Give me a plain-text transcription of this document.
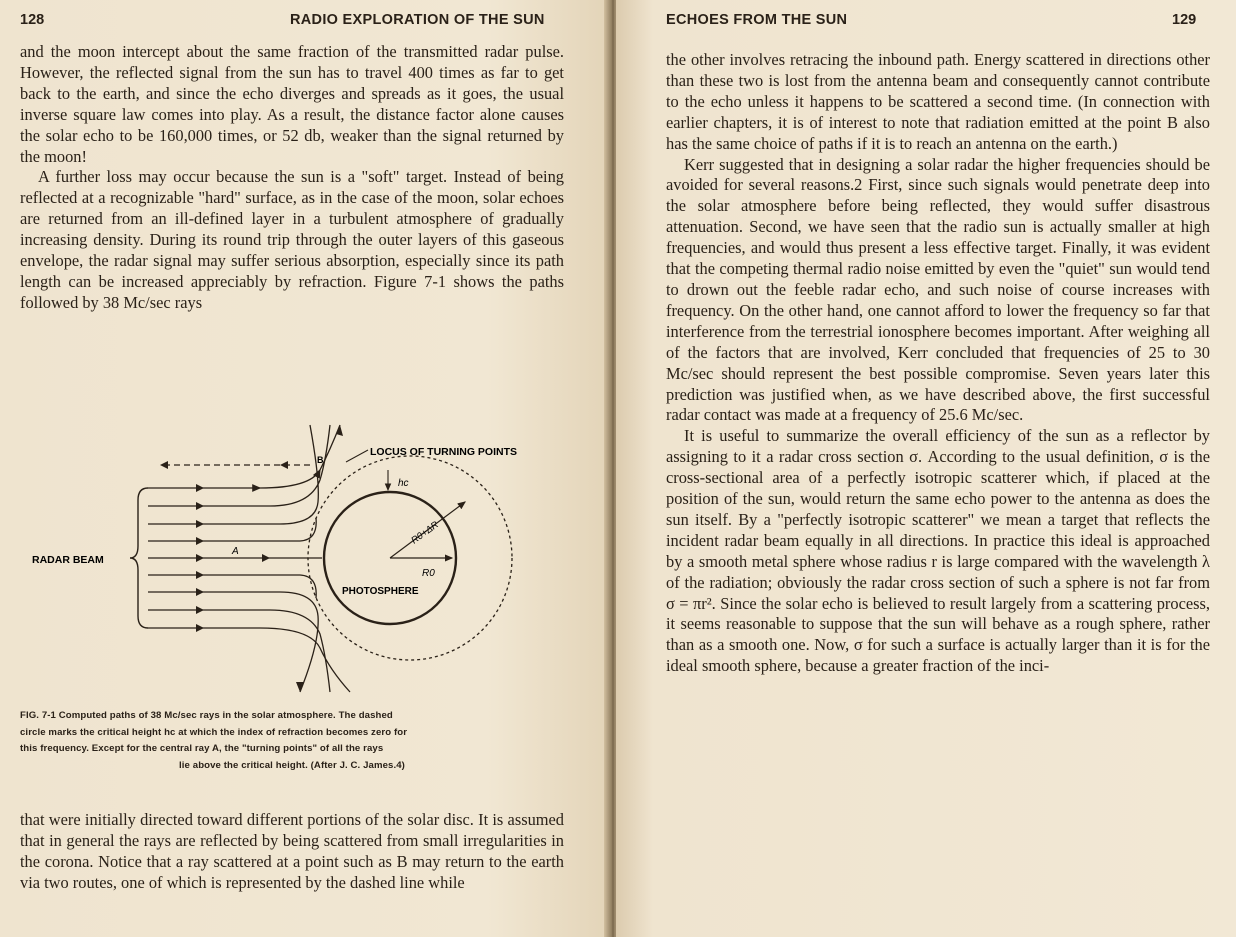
128	RADIO EXPLORATION OF THE SUN

and the moon intercept about the same fraction of the transmitted radar pulse. However, the reflected signal from the sun has to travel 400 times as far to get back to the earth, and since the echo diverges and spreads as it goes, the usual inverse square law comes into play. As a result, the distance factor alone causes the solar echo to be 160,000 times, or 52 db, weaker than the signal returned by the moon!

A further loss may occur because the sun is a "soft" target. Instead of being reflected at a recognizable "hard" surface, as in the case of the moon, solar echoes are returned from an ill-defined layer in a turbulent atmosphere of gradually increasing density. During its round trip through the outer layers of this gaseous envelope, the radar signal may suffer serious absorption, especially since its path length can be increased appreciably by refraction. Figure 7-1 shows the paths followed by 38 Mc/sec rays

RADAR BEAM
LOCUS OF TURNING POINTS
PHOTOSPHERE
A
B
hc
R0+ΔR
R0
FIG. 7-1 Computed paths of 38 Mc/sec rays in the solar atmosphere. The dashed
circle marks the critical height hc at which the index of refraction becomes zero for
this frequency. Except for the central ray A, the "turning points" of all the rays
lie above the critical height. (After J. C. James.4)

that were initially directed toward different portions of the solar disc. It is assumed that in general the rays are reflected by being scattered from small irregularities in the corona. Notice that a ray scattered at a point such as B may return to the earth via two routes, one of which is represented by the dashed line while

ECHOES FROM THE SUN	129

the other involves retracing the inbound path. Energy scattered in directions other than these two is lost from the antenna beam and consequently cannot contribute to the echo unless it happens to be scattered a second time. (In connection with earlier chapters, it is of interest to note that radiation emitted at the point B also has the same choice of paths if it is to reach an antenna on the earth.)

Kerr suggested that in designing a solar radar the higher frequencies should be avoided for several reasons.2 First, since such signals would penetrate deep into the solar atmosphere before being reflected, they would suffer disastrous attenuation. Second, we have seen that the radio sun is actually smaller at high frequencies, and would thus present a less effective target. Finally, it was evident that the competing thermal radio noise emitted by even the "quiet" sun would tend to drown out the feeble radar echo, and such noise of course increases with frequency. On the other hand, one cannot afford to lower the frequency so far that interference from the terrestrial ionosphere becomes important. After weighing all of the factors that are involved, Kerr concluded that frequencies of 25 to 30 Mc/sec should represent the best possible compromise. Seven years later this prediction was justified when, as we have described above, the first successful radar contact was made at a frequency of 25.6 Mc/sec.

It is useful to summarize the overall efficiency of the sun as a reflector by assigning to it a radar cross section σ. According to the usual definition, σ is the cross-sectional area of a perfectly isotropic scatterer which, if placed at the position of the sun, would return the same echo power to the antenna as does the sun itself. By a "perfectly isotropic scatterer" we mean a target that reflects the incident radar beam equally in all directions. In practice this ideal is approached by a smooth metal sphere whose radius r is large compared with the wavelength λ of the radiation; obviously the radar cross section of such a sphere is not far from σ = πr². Since the solar echo is believed to result largely from a scattering process, it seems reasonable to suppose that the sun will behave as a rough sphere, rather than as a smooth one. Now, σ for such a surface is actually larger than it is for the ideal smooth sphere, because a greater fraction of the inci-
